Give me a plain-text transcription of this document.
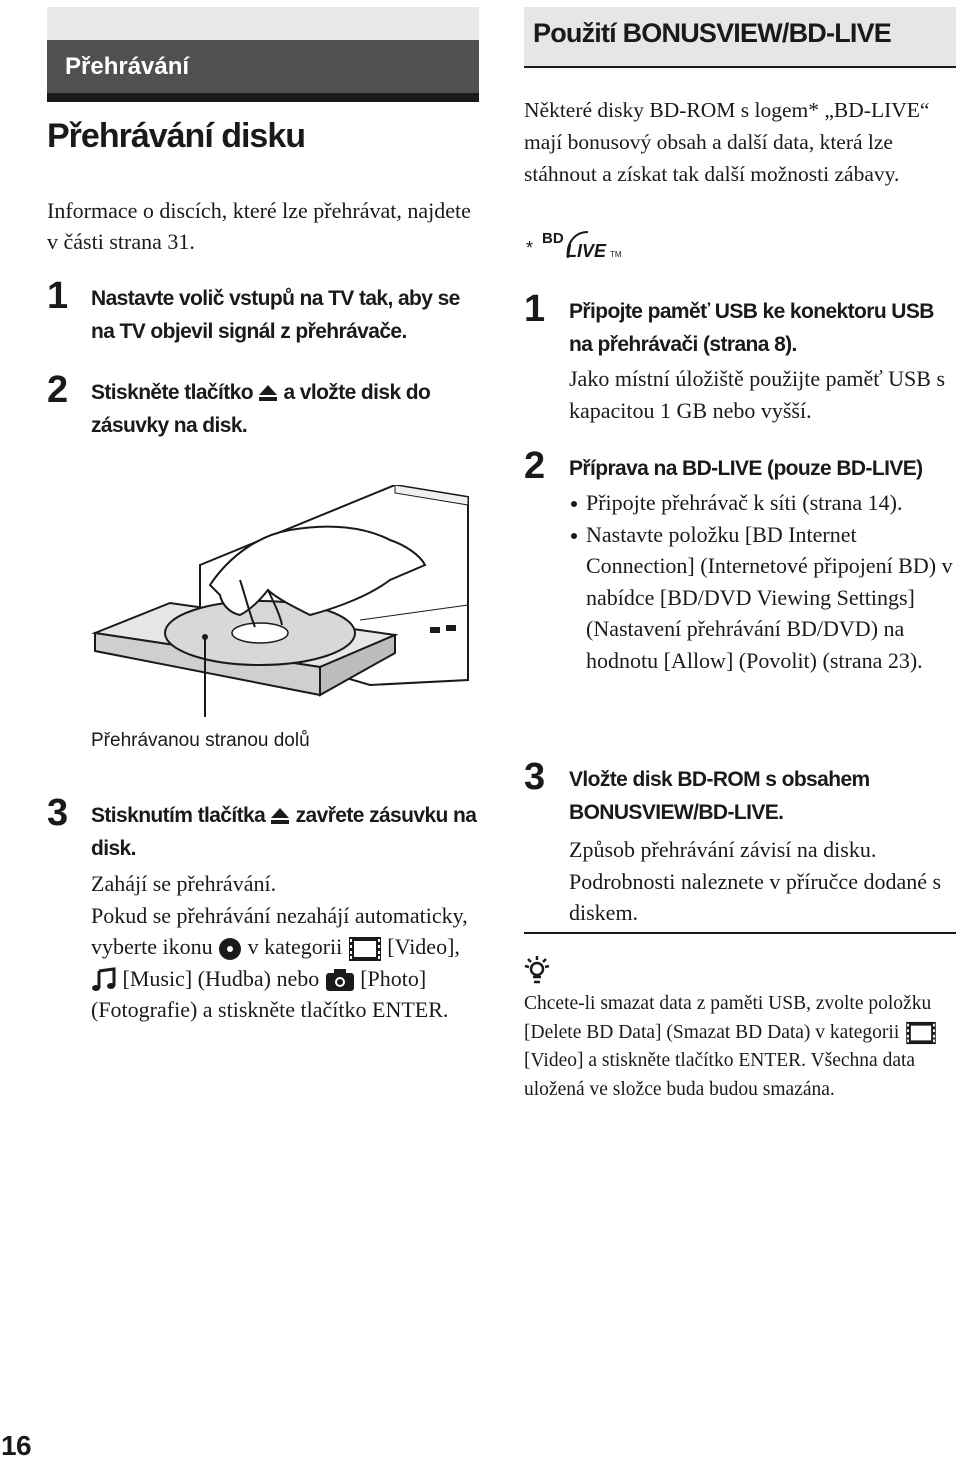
Přehrávání
Přehrávání disku
Informace o discích, které lze přehrávat, najdete v části strana 31.
1 Nastavte volič vstupů na TV tak, aby se na TV objevil signál z přehrávače.
2 Stiskněte tlačítko a vložte disk do zásuvky na disk.
Přehrávanou stranou dolů
3 Stisknutím tlačítka zavřete zásuvku na disk.
Zahájí se přehrávání.
Pokud se přehrávání nezahájí automaticky, vyberte ikonu v kategorii [Video],  [Music] (Hudba) nebo [Photo] (Fotografie) a stiskněte tlačítko ENTER.
Použití BONUSVIEW/BD-LIVE
Některé disky BD-ROM s logem* „BD-LIVE“ mají bonusový obsah a další data, která lze stáhnout a získat tak další možnosti zábavy.
* BD
LIVE TM
1 Připojte paměť USB ke konektoru USB na přehrávači (strana 8).
Jako místní úložiště použijte paměť USB s kapacitou 1 GB nebo vyšší.
2 Příprava na BD-LIVE (pouze BD-LIVE)
Připojte přehrávač k síti (strana 14).
Nastavte položku [BD Internet Connection] (Internetové připojení BD) v nabídce [BD/DVD Viewing Settings] (Nastavení přehrávání BD/DVD) na hodnotu [Allow] (Povolit) (strana 23).
3 Vložte disk BD-ROM s obsahem BONUSVIEW/BD-LIVE.
Způsob přehrávání závisí na disku. Podrobnosti naleznete v příručce dodané s diskem.
Chcete-li smazat data z paměti USB, zvolte položku [Delete BD Data] (Smazat BD Data) v kategorii  [Video] a stiskněte tlačítko ENTER. Všechna data uložená ve složce buda budou smazána.
16
